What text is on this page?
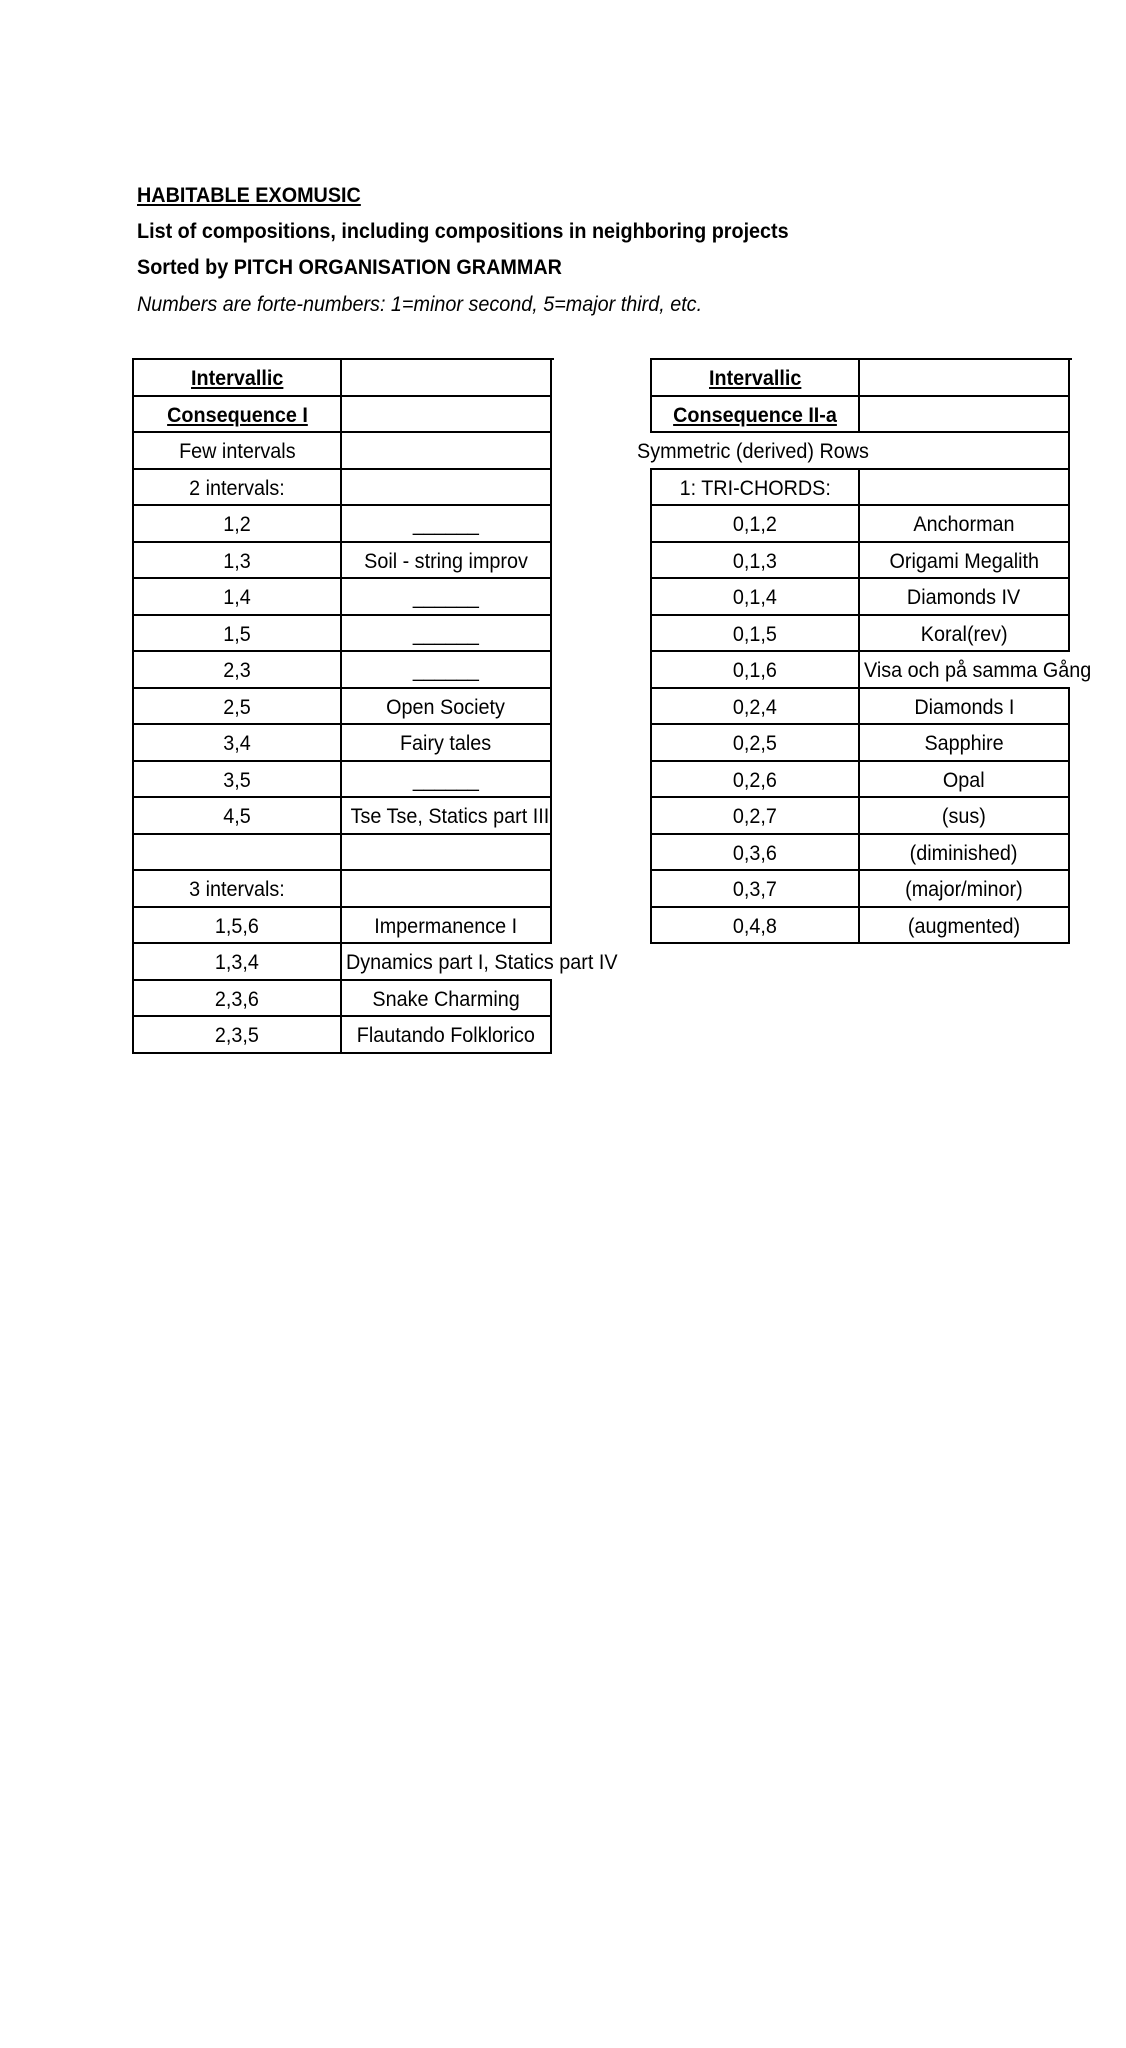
HABITABLE EXOMUSIC
List of compositions, including compositions in neighboring projects
Sorted by PITCH ORGANISATION GRAMMAR
Numbers are forte-numbers: 1=minor second, 5=major third, etc.
Intervallic
Consequence I
Few intervals
2 intervals:
1,2	______
1,3	Soil - string improv
1,4	______
1,5	______
2,3	______
2,5	Open Society
3,4	Fairy tales
3,5	______
4,5	Tse Tse, Statics part III
3 intervals:
1,5,6	Impermanence I
1,3,4	Dynamics part I, Statics part IV
2,3,6	Snake Charming
2,3,5	Flautando Folklorico
Intervallic
Consequence II-a
Symmetric (derived) Rows
1: TRI-CHORDS:
0,1,2	Anchorman
0,1,3	Origami Megalith
0,1,4	Diamonds IV
0,1,5	Koral(rev)
0,1,6	Visa och på samma Gång
0,2,4	Diamonds I
0,2,5	Sapphire
0,2,6	Opal
0,2,7	(sus)
0,3,6	(diminished)
0,3,7	(major/minor)
0,4,8	(augmented)
